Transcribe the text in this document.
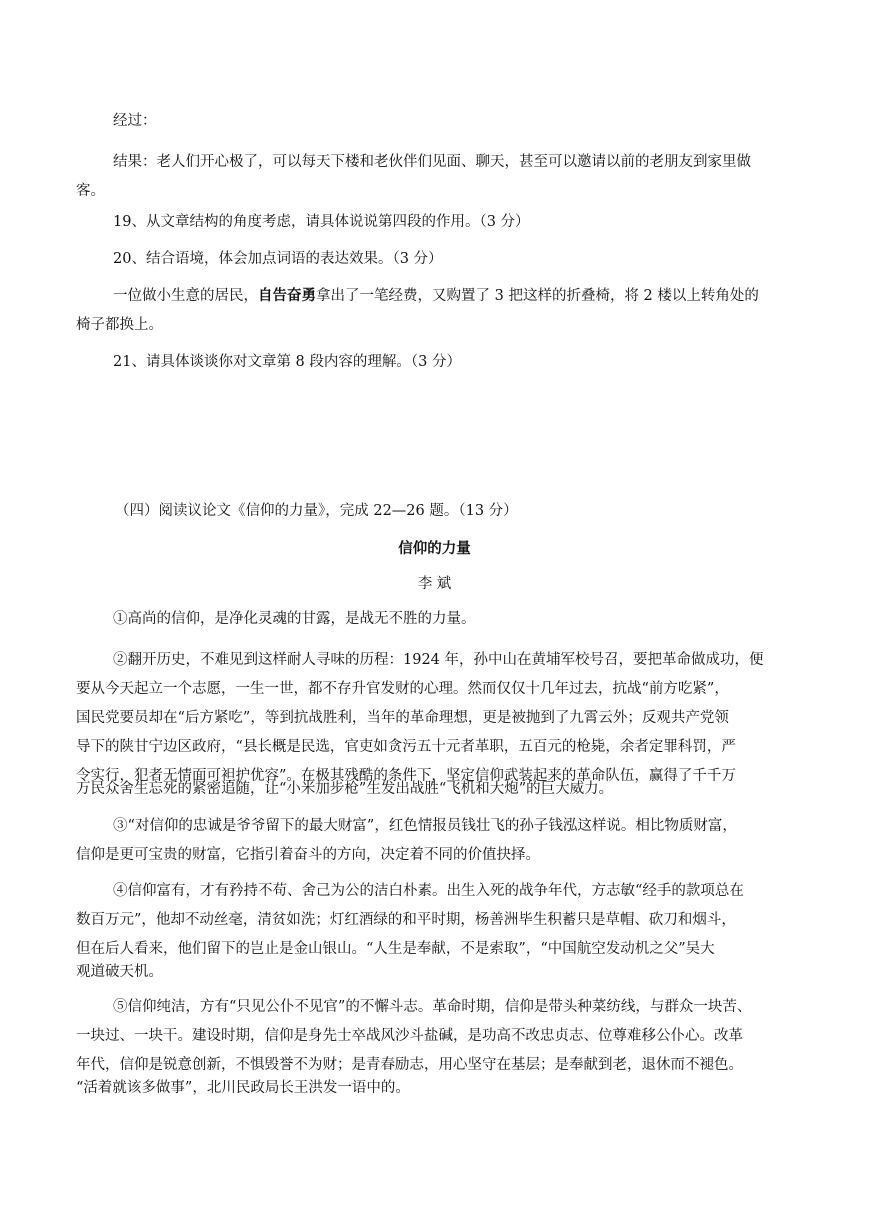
经过：

结果：老人们开心极了，可以每天下楼和老伙伴们见面、聊天，甚至可以邀请以前的老朋友到家里做

客。

19、从文章结构的角度考虑，请具体说说第四段的作用。（3 分）

20、结合语境，体会加点词语的表达效果。（3 分）

一位做小生意的居民，自告奋勇拿出了一笔经费，又购置了 3 把这样的折叠椅，将 2 楼以上转角处的

椅子都换上。

21、请具体谈谈你对文章第 8 段内容的理解。（3 分）

（四）阅读议论文《信仰的力量》，完成 22—26 题。（13 分）

信仰的力量

李 斌

①高尚的信仰，是净化灵魂的甘露，是战无不胜的力量。

②翻开历史，不难见到这样耐人寻味的历程：1924 年，孙中山在黄埔军校号召，要把革命做成功，便

要从今天起立一个志愿，一生一世，都不存升官发财的心理。然而仅仅十几年过去，抗战“前方吃紧”，

国民党要员却在“后方紧吃”，等到抗战胜利，当年的革命理想，更是被抛到了九霄云外；反观共产党领

导下的陕甘宁边区政府，“县长概是民选，官吏如贪污五十元者革职，五百元的枪毙，余者定罪科罚，严

令实行，犯者无情面可袒护优容”。在极其残酷的条件下，坚定信仰武装起来的革命队伍，赢得了千千万

万民众舍生忘死的紧密追随，让“小米加步枪”生发出战胜“飞机和大炮”的巨大威力。

③“对信仰的忠诚是爷爷留下的最大财富”，红色情报员钱壮飞的孙子钱泓这样说。相比物质财富，

信仰是更可宝贵的财富，它指引着奋斗的方向，决定着不同的价值抉择。

④信仰富有，才有矜持不苟、舍己为公的洁白朴素。出生入死的战争年代，方志敏“经手的款项总在

数百万元”，他却不动丝毫，清贫如洗；灯红酒绿的和平时期，杨善洲毕生积蓄只是草帽、砍刀和烟斗，

但在后人看来，他们留下的岂止是金山银山。“人生是奉献，不是索取”，“中国航空发动机之父”吴大

观道破天机。

⑤信仰纯洁，方有“只见公仆不见官”的不懈斗志。革命时期，信仰是带头种菜纺线，与群众一块苦、

一块过、一块干。建设时期，信仰是身先士卒战风沙斗盐碱，是功高不改忠贞志、位尊难移公仆心。改革

年代，信仰是锐意创新，不惧毁誉不为财；是青春励志，用心坚守在基层；是奉献到老，退休而不褪色。

“活着就该多做事”，北川民政局长王洪发一语中的。
